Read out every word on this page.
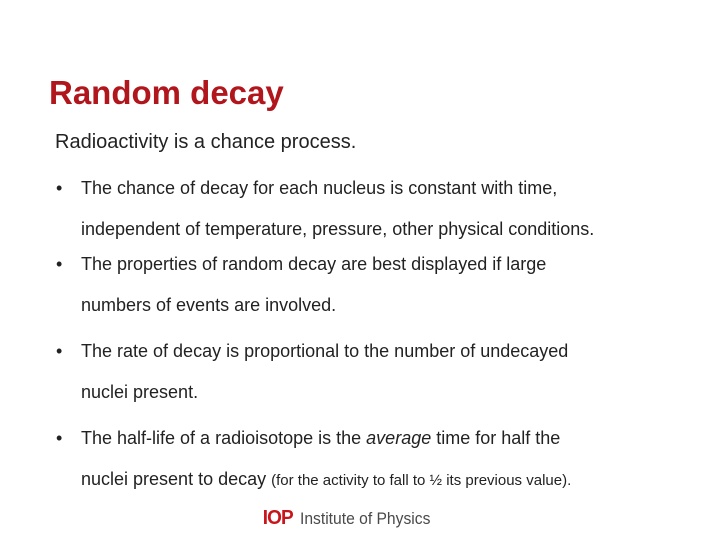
Random decay
Radioactivity is a chance process.
• The chance of decay for each nucleus is constant with time,
independent of temperature, pressure, other physical conditions.
• The properties of random decay are best displayed if large
numbers of events are involved.
• The rate of decay is proportional to the number of undecayed
nuclei present.
• The half-life of a radioisotope is the average time for half the
nuclei present to decay (for the activity to fall to ½ its previous value).
IOP Institute of Physics
